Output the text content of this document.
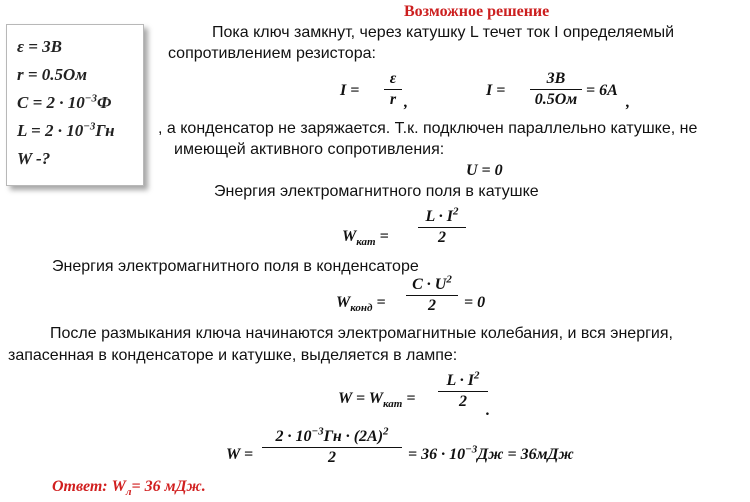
ε = 3В
r = 0.5Ом
$C = 2 \cdot 10^{-3}Ф$
$L = 2 \cdot 10^{-3}Гн$
W -?
Возможное решение
Пока ключ замкнут, через катушку L течет ток I определяемый
сопротивлением резистора:
I =
ε
r ,
I =
3В
0.5Ом
= 6A
,
, а конденсатор не заряжается. Т.к. подключен параллельно катушке, не
имеющей активного сопротивления:
U = 0
Энергия электромагнитного поля в катушке
$W_{кат}$ =
$L \cdot I^2$
2
Энергия электромагнитного поля в конденсаторе
$W_{конд}$ =
$C \cdot U^2$
2	= 0
После размыкания ключа начинаются электромагнитные колебания, и вся энергия,
запасенная в конденсаторе и катушке, выделяется в лампе:
$W = W_{кат}$ =
$L \cdot I^2$
2
.
W =
$2 \cdot 10^{-3}Гн \cdot (2A)^2$
2	= $36 \cdot 10^{-3}Дж = 36мДж$
Ответ: $W_л= 36$ мДж.
